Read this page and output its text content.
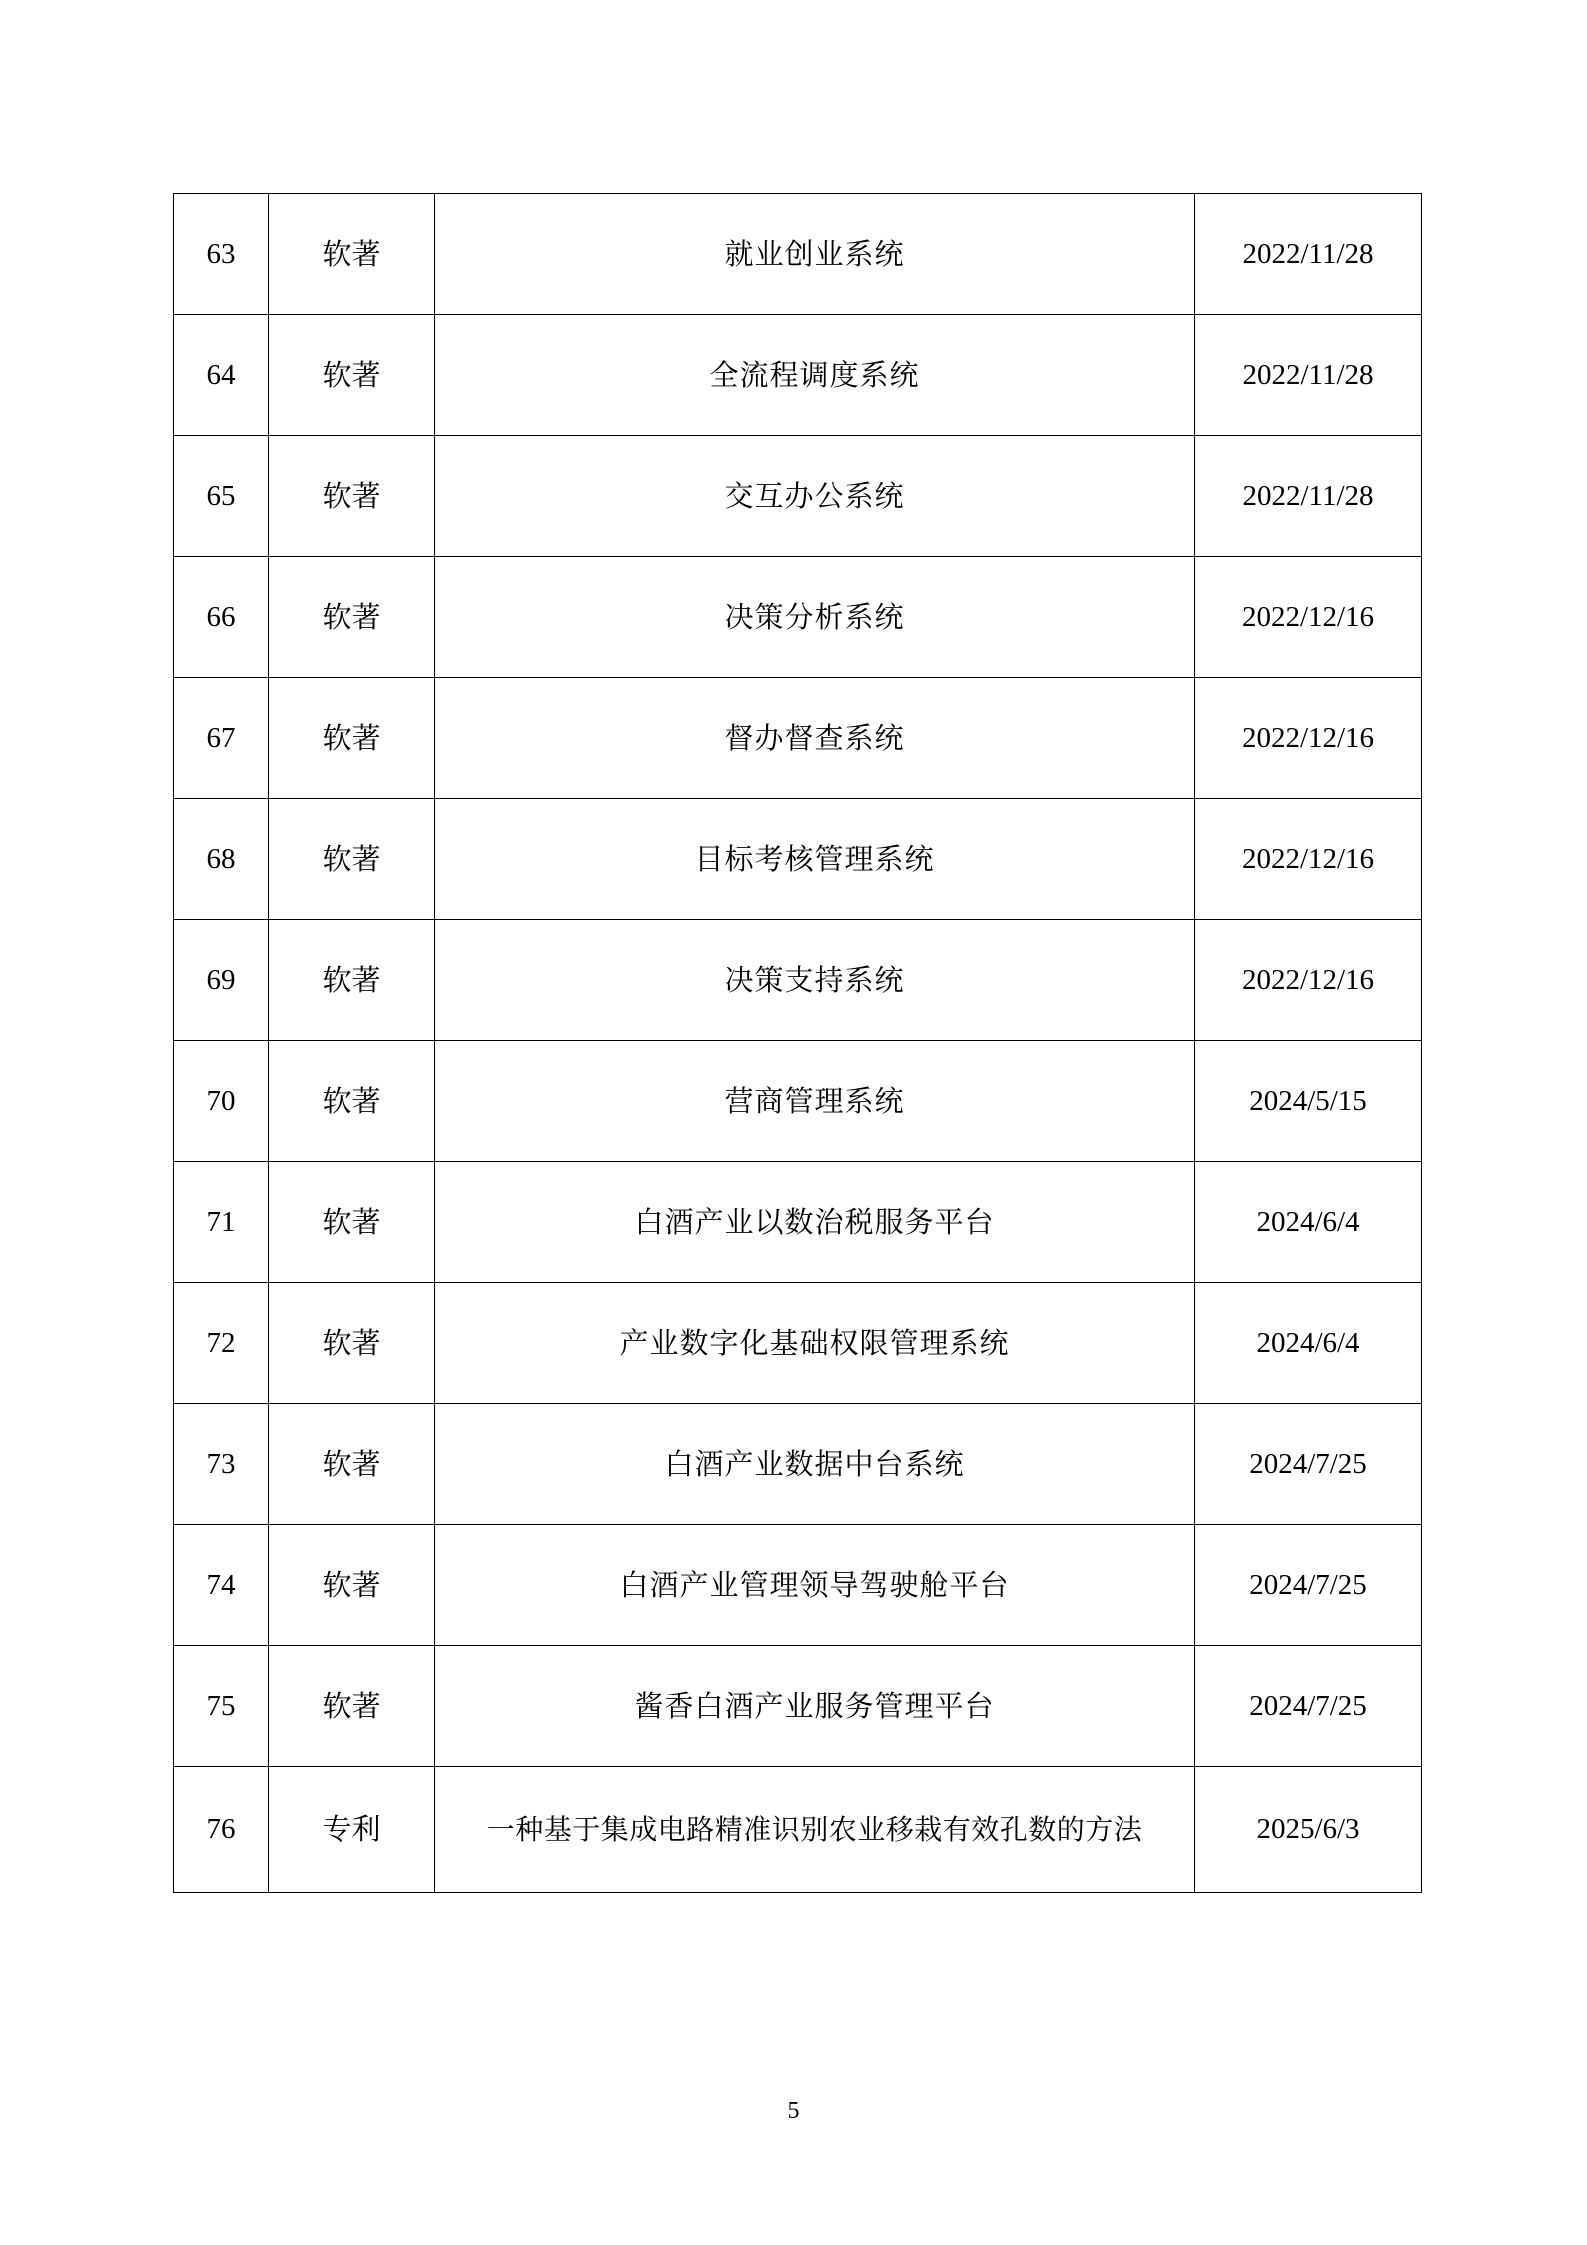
63	软著	就业创业系统	2022/11/28
64	软著	全流程调度系统	2022/11/28
65	软著	交互办公系统	2022/11/28
66	软著	决策分析系统	2022/12/16
67	软著	督办督查系统	2022/12/16
68	软著	目标考核管理系统	2022/12/16
69	软著	决策支持系统	2022/12/16
70	软著	营商管理系统	2024/5/15
71	软著	白酒产业以数治税服务平台	2024/6/4
72	软著	产业数字化基础权限管理系统	2024/6/4
73	软著	白酒产业数据中台系统	2024/7/25
74	软著	白酒产业管理领导驾驶舱平台	2024/7/25
75	软著	酱香白酒产业服务管理平台	2024/7/25
76	专利	一种基于集成电路精准识别农业移栽有效孔数的方法	2025/6/3
5
